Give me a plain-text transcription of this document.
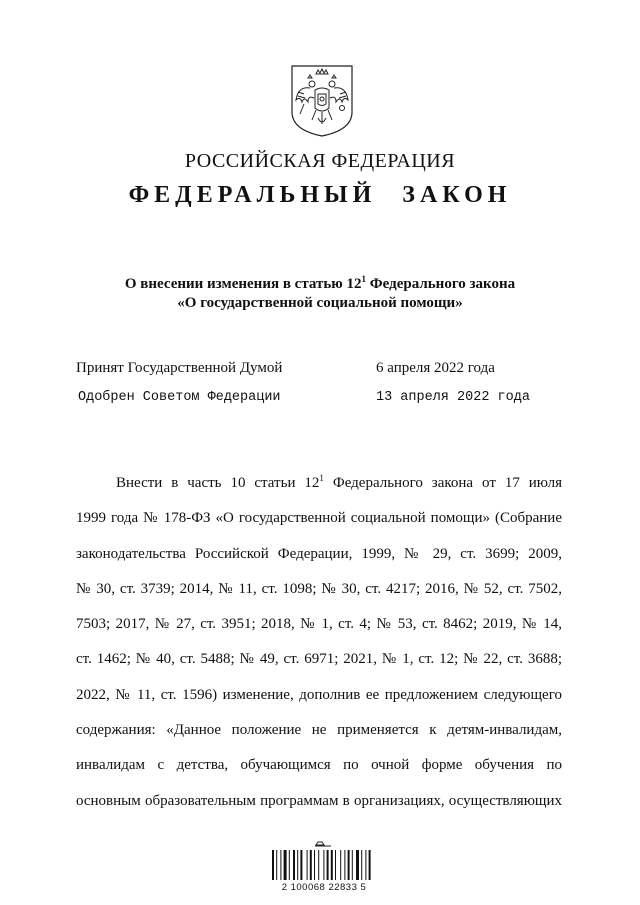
РОССИЙСКАЯ ФЕДЕРАЦИЯ
ФЕДЕРАЛЬНЫЙ ЗАКОН
О внесении изменения в статью $12^1$ Федерального закона
«О государственной социальной помощи»
Принят Государственной Думой	6 апреля 2022 года
Одобрен Советом Федерации	13 апреля 2022 года
Внести в часть 10 статьи $12^1$ Федерального закона от 17 июля
1999 года № 178-ФЗ «О государственной социальной помощи» (Собрание
законодательства Российской Федерации, 1999, № 29, ст. 3699; 2009,
№ 30, ст. 3739; 2014, № 11, ст. 1098; № 30, ст. 4217; 2016, № 52, ст. 7502,
7503; 2017, № 27, ст. 3951; 2018, № 1, ст. 4; № 53, ст. 8462; 2019, № 14,
ст. 1462; № 40, ст. 5488; № 49, ст. 6971; 2021, № 1, ст. 12; № 22, ст. 3688;
2022, № 11, ст. 1596) изменение, дополнив ее предложением следующего
содержания: «Данное положение не применяется к детям-инвалидам,
инвалидам с детства, обучающимся по очной форме обучения по
основным образовательным программам в организациях, осуществляющих
2 100068 22833 5
